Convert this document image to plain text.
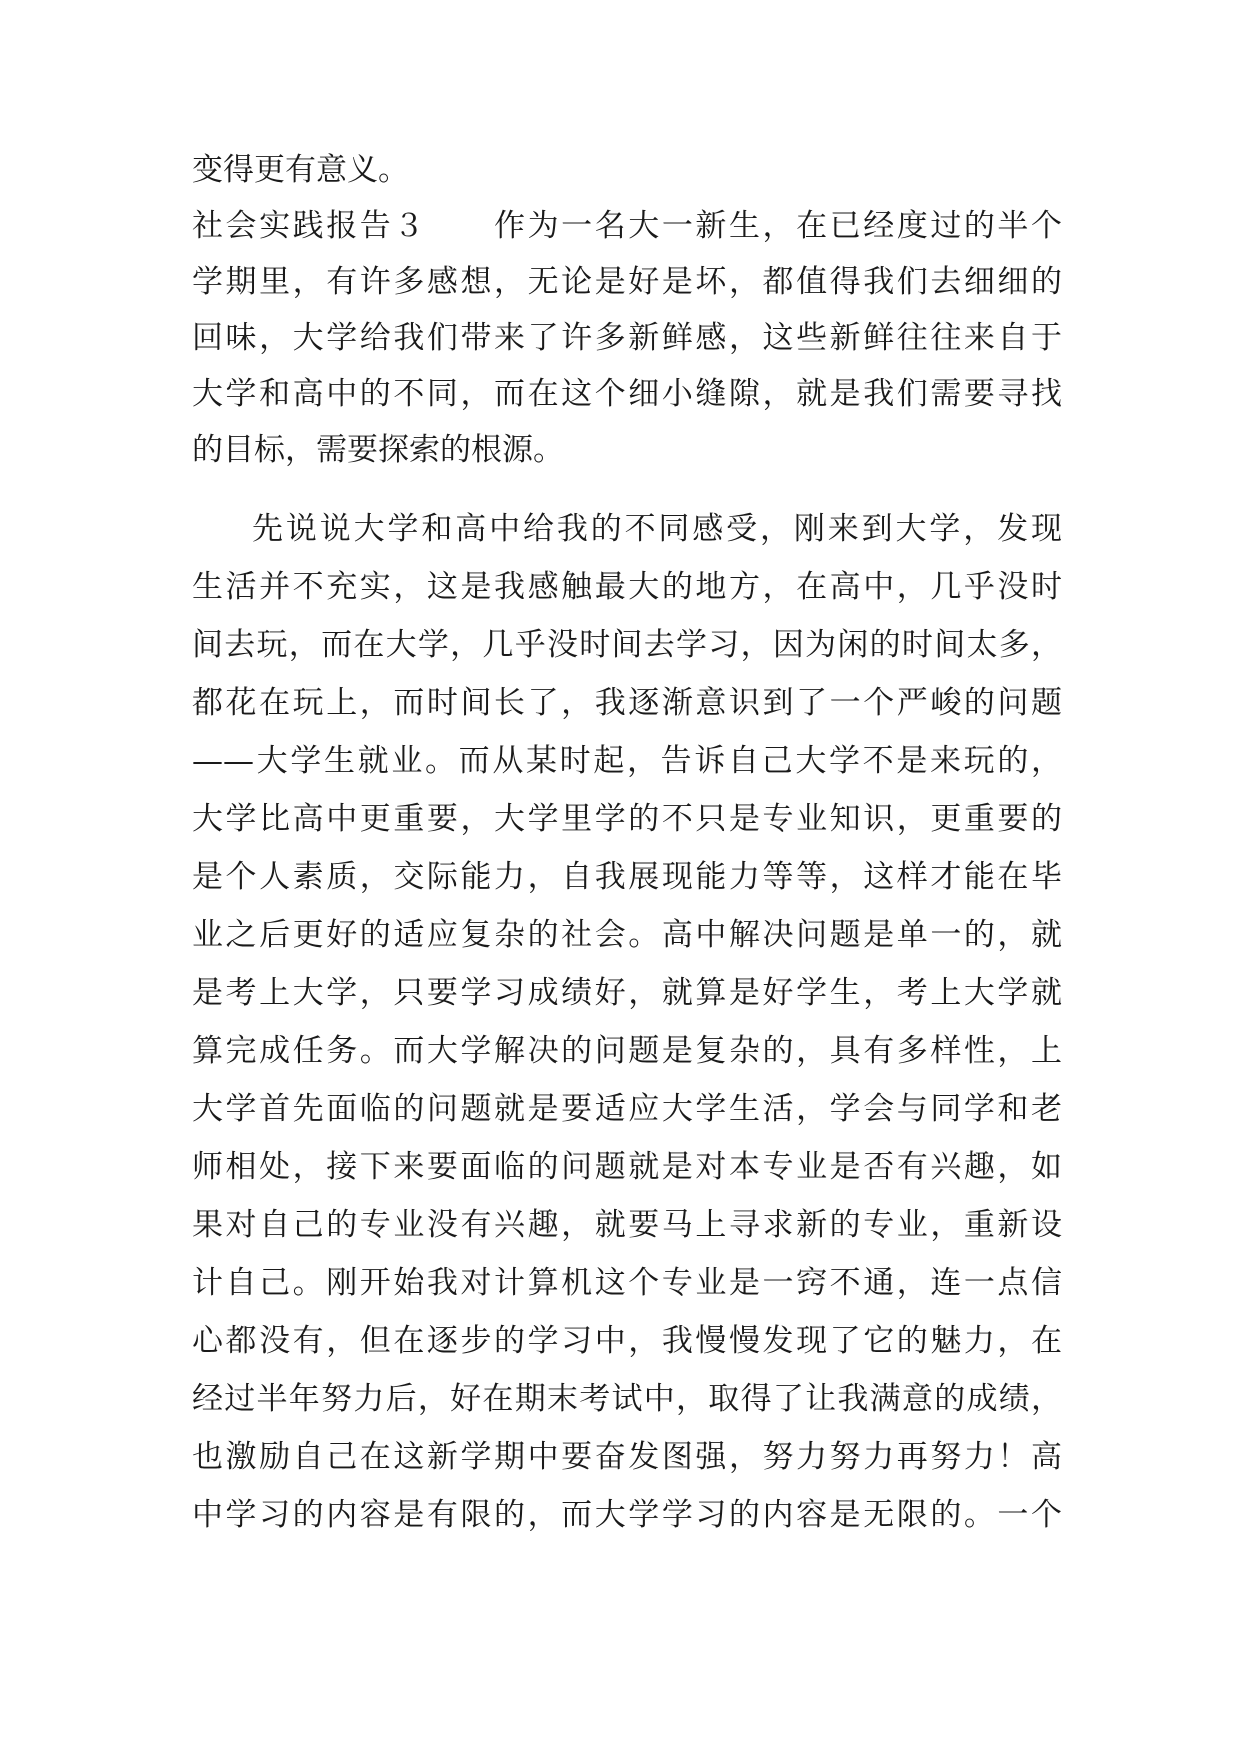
变得更有意义。
社会实践报告３　　作为一名大一新生，在已经度过的半个
学期里，有许多感想，无论是好是坏，都值得我们去细细的
回味，大学给我们带来了许多新鲜感，这些新鲜往往来自于
大学和高中的不同，而在这个细小缝隙，就是我们需要寻找
的目标，需要探索的根源。
先说说大学和高中给我的不同感受，刚来到大学，发现
生活并不充实，这是我感触最大的地方，在高中，几乎没时
间去玩，而在大学，几乎没时间去学习，因为闲的时间太多，
都花在玩上，而时间长了，我逐渐意识到了一个严峻的问题
——大学生就业。而从某时起，告诉自己大学不是来玩的，
大学比高中更重要，大学里学的不只是专业知识，更重要的
是个人素质，交际能力，自我展现能力等等，这样才能在毕
业之后更好的适应复杂的社会。高中解决问题是单一的，就
是考上大学，只要学习成绩好，就算是好学生，考上大学就
算完成任务。而大学解决的问题是复杂的，具有多样性，上
大学首先面临的问题就是要适应大学生活，学会与同学和老
师相处，接下来要面临的问题就是对本专业是否有兴趣，如
果对自己的专业没有兴趣，就要马上寻求新的专业，重新设
计自己。刚开始我对计算机这个专业是一窍不通，连一点信
心都没有，但在逐步的学习中，我慢慢发现了它的魅力，在
经过半年努力后，好在期末考试中，取得了让我满意的成绩，
也激励自己在这新学期中要奋发图强，努力努力再努力！高
中学习的内容是有限的，而大学学习的内容是无限的。一个
